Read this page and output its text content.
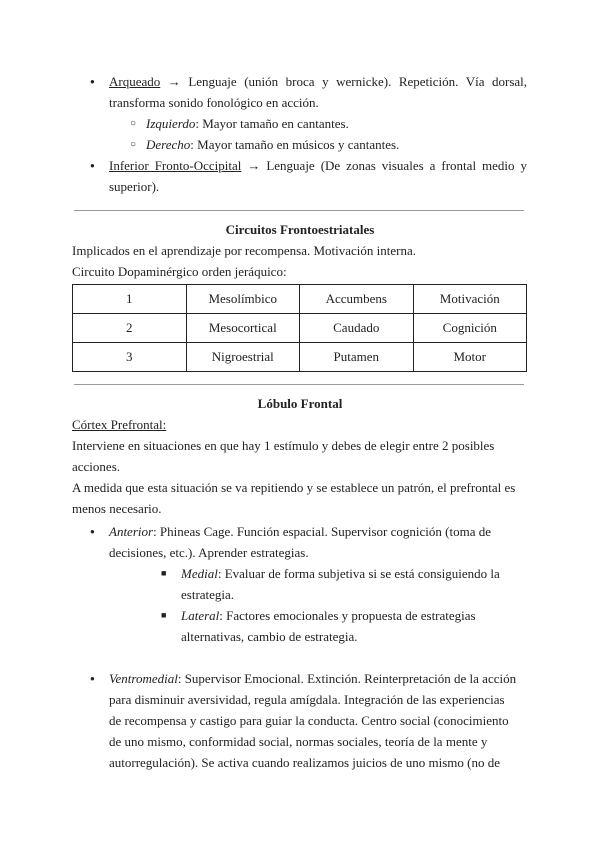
● Arqueado → Lenguaje (unión broca y wernicke). Repetición. Vía dorsal,
transforma sonido fonológico en acción.
○ Izquierdo: Mayor tamaño en cantantes.
○ Derecho: Mayor tamaño en músicos y cantantes.
● Inferior Fronto-Occipital → Lenguaje (De zonas visuales a frontal medio y
superior).
Circuitos Frontoestriatales
Implicados en el aprendizaje por recompensa. Motivación interna.
Circuito Dopaminérgico orden jeráquico:
1	Mesolímbico	Accumbens	Motivación
2	Mesocortical	Caudado	Cognición
3	Nigroestrial	Putamen	Motor
Lóbulo Frontal
Córtex Prefrontal:
Interviene en situaciones en que hay 1 estímulo y debes de elegir entre 2 posibles
acciones.
A medida que esta situación se va repitiendo y se establece un patrón, el prefrontal es
menos necesario.
● Anterior: Phineas Cage. Función espacial. Supervisor cognición (toma de
decisiones, etc.). Aprender estrategias.
■ Medial: Evaluar de forma subjetiva si se está consiguiendo la
estrategia.
■ Lateral: Factores emocionales y propuesta de estrategias
alternativas, cambio de estrategia.
● Ventromedial: Supervisor Emocional. Extinción. Reinterpretación de la acción
para disminuir aversividad, regula amígdala. Integración de las experiencias
de recompensa y castigo para guiar la conducta. Centro social (conocimiento
de uno mismo, conformidad social, normas sociales, teoría de la mente y
autorregulación). Se activa cuando realizamos juicios de uno mismo (no de
